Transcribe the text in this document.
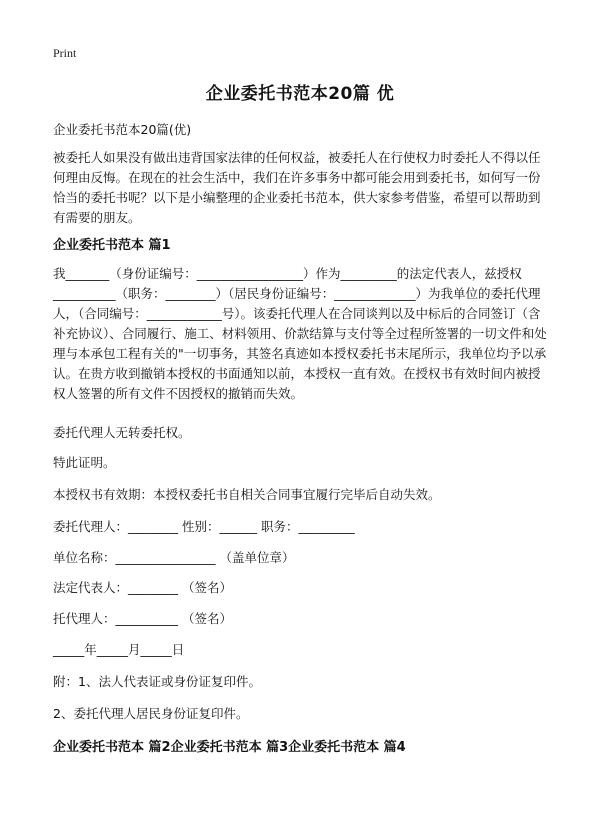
Print
企业委托书范本20篇 优
企业委托书范本20篇(优)

被委托人如果没有做出违背国家法律的任何权益，被委托人在行使权力时委托人不得以任何理由反悔。在现在的社会生活中，我们在许多事务中都可能会用到委托书，如何写一份恰当的委托书呢？以下是小编整理的企业委托书范本，供大家参考借鉴，希望可以帮助到有需要的朋友。

企业委托书范本 篇1

我_______（身份证编号：_________________）作为_________的法定代表人，兹授权__________（职务：________）（居民身份证编号：_____________）为我单位的委托代理人，（合同编号：____________号）。该委托代理人在合同谈判以及中标后的合同签订（含补充协议）、合同履行、施工、材料领用、价款结算与支付等全过程所签署的一切文件和处理与本承包工程有关的"一切事务，其签名真迹如本授权委托书末尾所示，我单位均予以承认。在贵方收到撤销本授权的书面通知以前，本授权一直有效。在授权书有效时间内被授权人签署的所有文件不因授权的撤销而失效。

委托代理人无转委托权。
特此证明。
本授权书有效期：本授权委托书自相关合同事宜履行完毕后自动失效。
委托代理人：________ 性别：______ 职务：_________
单位名称：________________ （盖单位章）
法定代表人：________ （签名）
托代理人：__________ （签名）
_____年_____月_____日
附：1、法人代表证或身份证复印件。
2、委托代理人居民身份证复印件。
企业委托书范本 篇2企业委托书范本 篇3企业委托书范本 篇4
